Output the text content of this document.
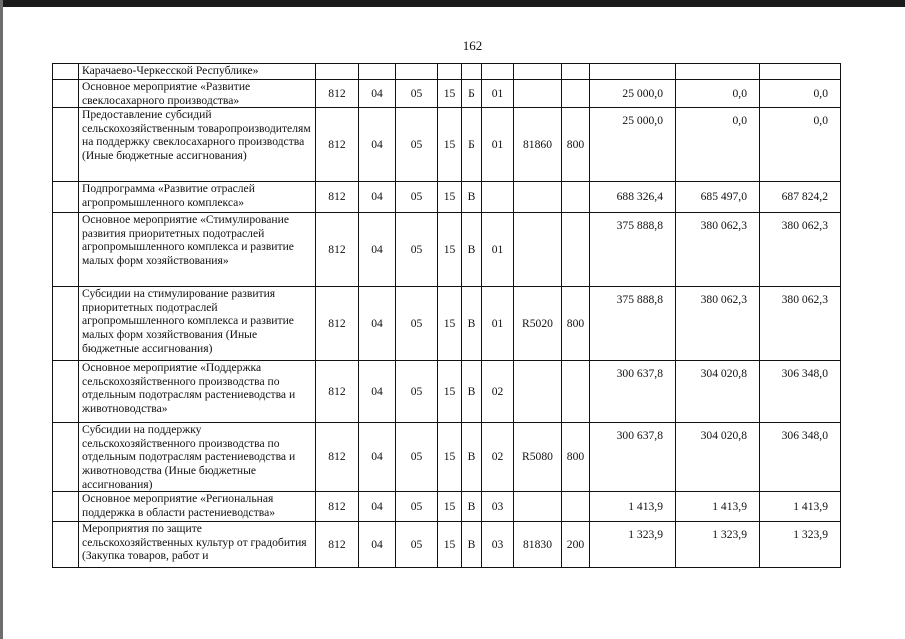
162
	Карачаево-Черкесской Республике»											
	Основное мероприятие «Развитие свеклосахарного производства»	812	04	05	15	Б	01			25 000,0	0,0	0,0
	Предоставление субсидий сельскохозяйственным товаропроизводителям на поддержку свеклосахарного производства (Иные бюджетные ассигнования)	812	04	05	15	Б	01	81860	800	25 000,0	0,0	0,0
	Подпрограмма «Развитие отраслей агропромышленного комплекса»	812	04	05	15	В				688 326,4	685 497,0	687 824,2
	Основное мероприятие «Стимулирование развития приоритетных подотраслей агропромышленного комплекса и развитие малых форм хозяйствования»	812	04	05	15	В	01			375 888,8	380 062,3	380 062,3
	Субсидии на стимулирование развития приоритетных подотраслей агропромышленного комплекса и развитие малых форм хозяйствования (Иные бюджетные ассигнования)	812	04	05	15	В	01	R5020	800	375 888,8	380 062,3	380 062,3
	Основное мероприятие «Поддержка сельскохозяйственного производства по отдельным подотраслям растениеводства и животноводства»	812	04	05	15	В	02			300 637,8	304 020,8	306 348,0
	Субсидии на поддержку сельскохозяйственного производства по отдельным подотраслям растениеводства и животноводства (Иные бюджетные ассигнования)	812	04	05	15	В	02	R5080	800	300 637,8	304 020,8	306 348,0
	Основное мероприятие «Региональная поддержка в области растениеводства»	812	04	05	15	В	03			1 413,9	1 413,9	1 413,9
	Мероприятия по защите сельскохозяйственных культур от градобития (Закупка товаров, работ и	812	04	05	15	В	03	81830	200	1 323,9	1 323,9	1 323,9
